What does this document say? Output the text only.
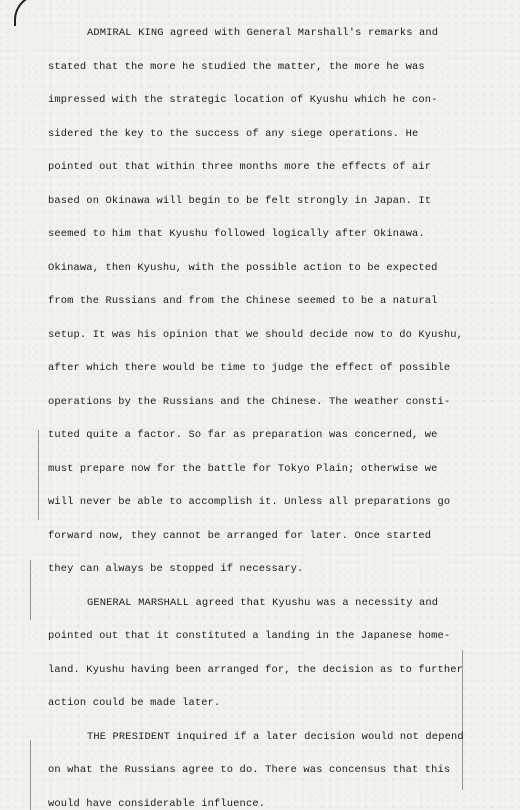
ADMIRAL KING agreed with General Marshall's remarks and
stated that the more he studied the matter, the more he was
impressed with the strategic location of Kyushu which he con-
sidered the key to the success of any siege operations. He
pointed out that within three months more the effects of air
based on Okinawa will begin to be felt strongly in Japan. It
seemed to him that Kyushu followed logically after Okinawa.
Okinawa, then Kyushu, with the possible action to be expected
from the Russians and from the Chinese seemed to be a natural
setup. It was his opinion that we should decide now to do Kyushu,
after which there would be time to judge the effect of possible
operations by the Russians and the Chinese. The weather consti-
tuted quite a factor. So far as preparation was concerned, we
must prepare now for the battle for Tokyo Plain; otherwise we
will never be able to accomplish it. Unless all preparations go
forward now, they cannot be arranged for later. Once started
they can always be stopped if necessary.

GENERAL MARSHALL agreed that Kyushu was a necessity and
pointed out that it constituted a landing in the Japanese home-
land. Kyushu having been arranged for, the decision as to further
action could be made later.

THE PRESIDENT inquired if a later decision would not depend
on what the Russians agree to do. There was concensus that this
would have considerable influence.
